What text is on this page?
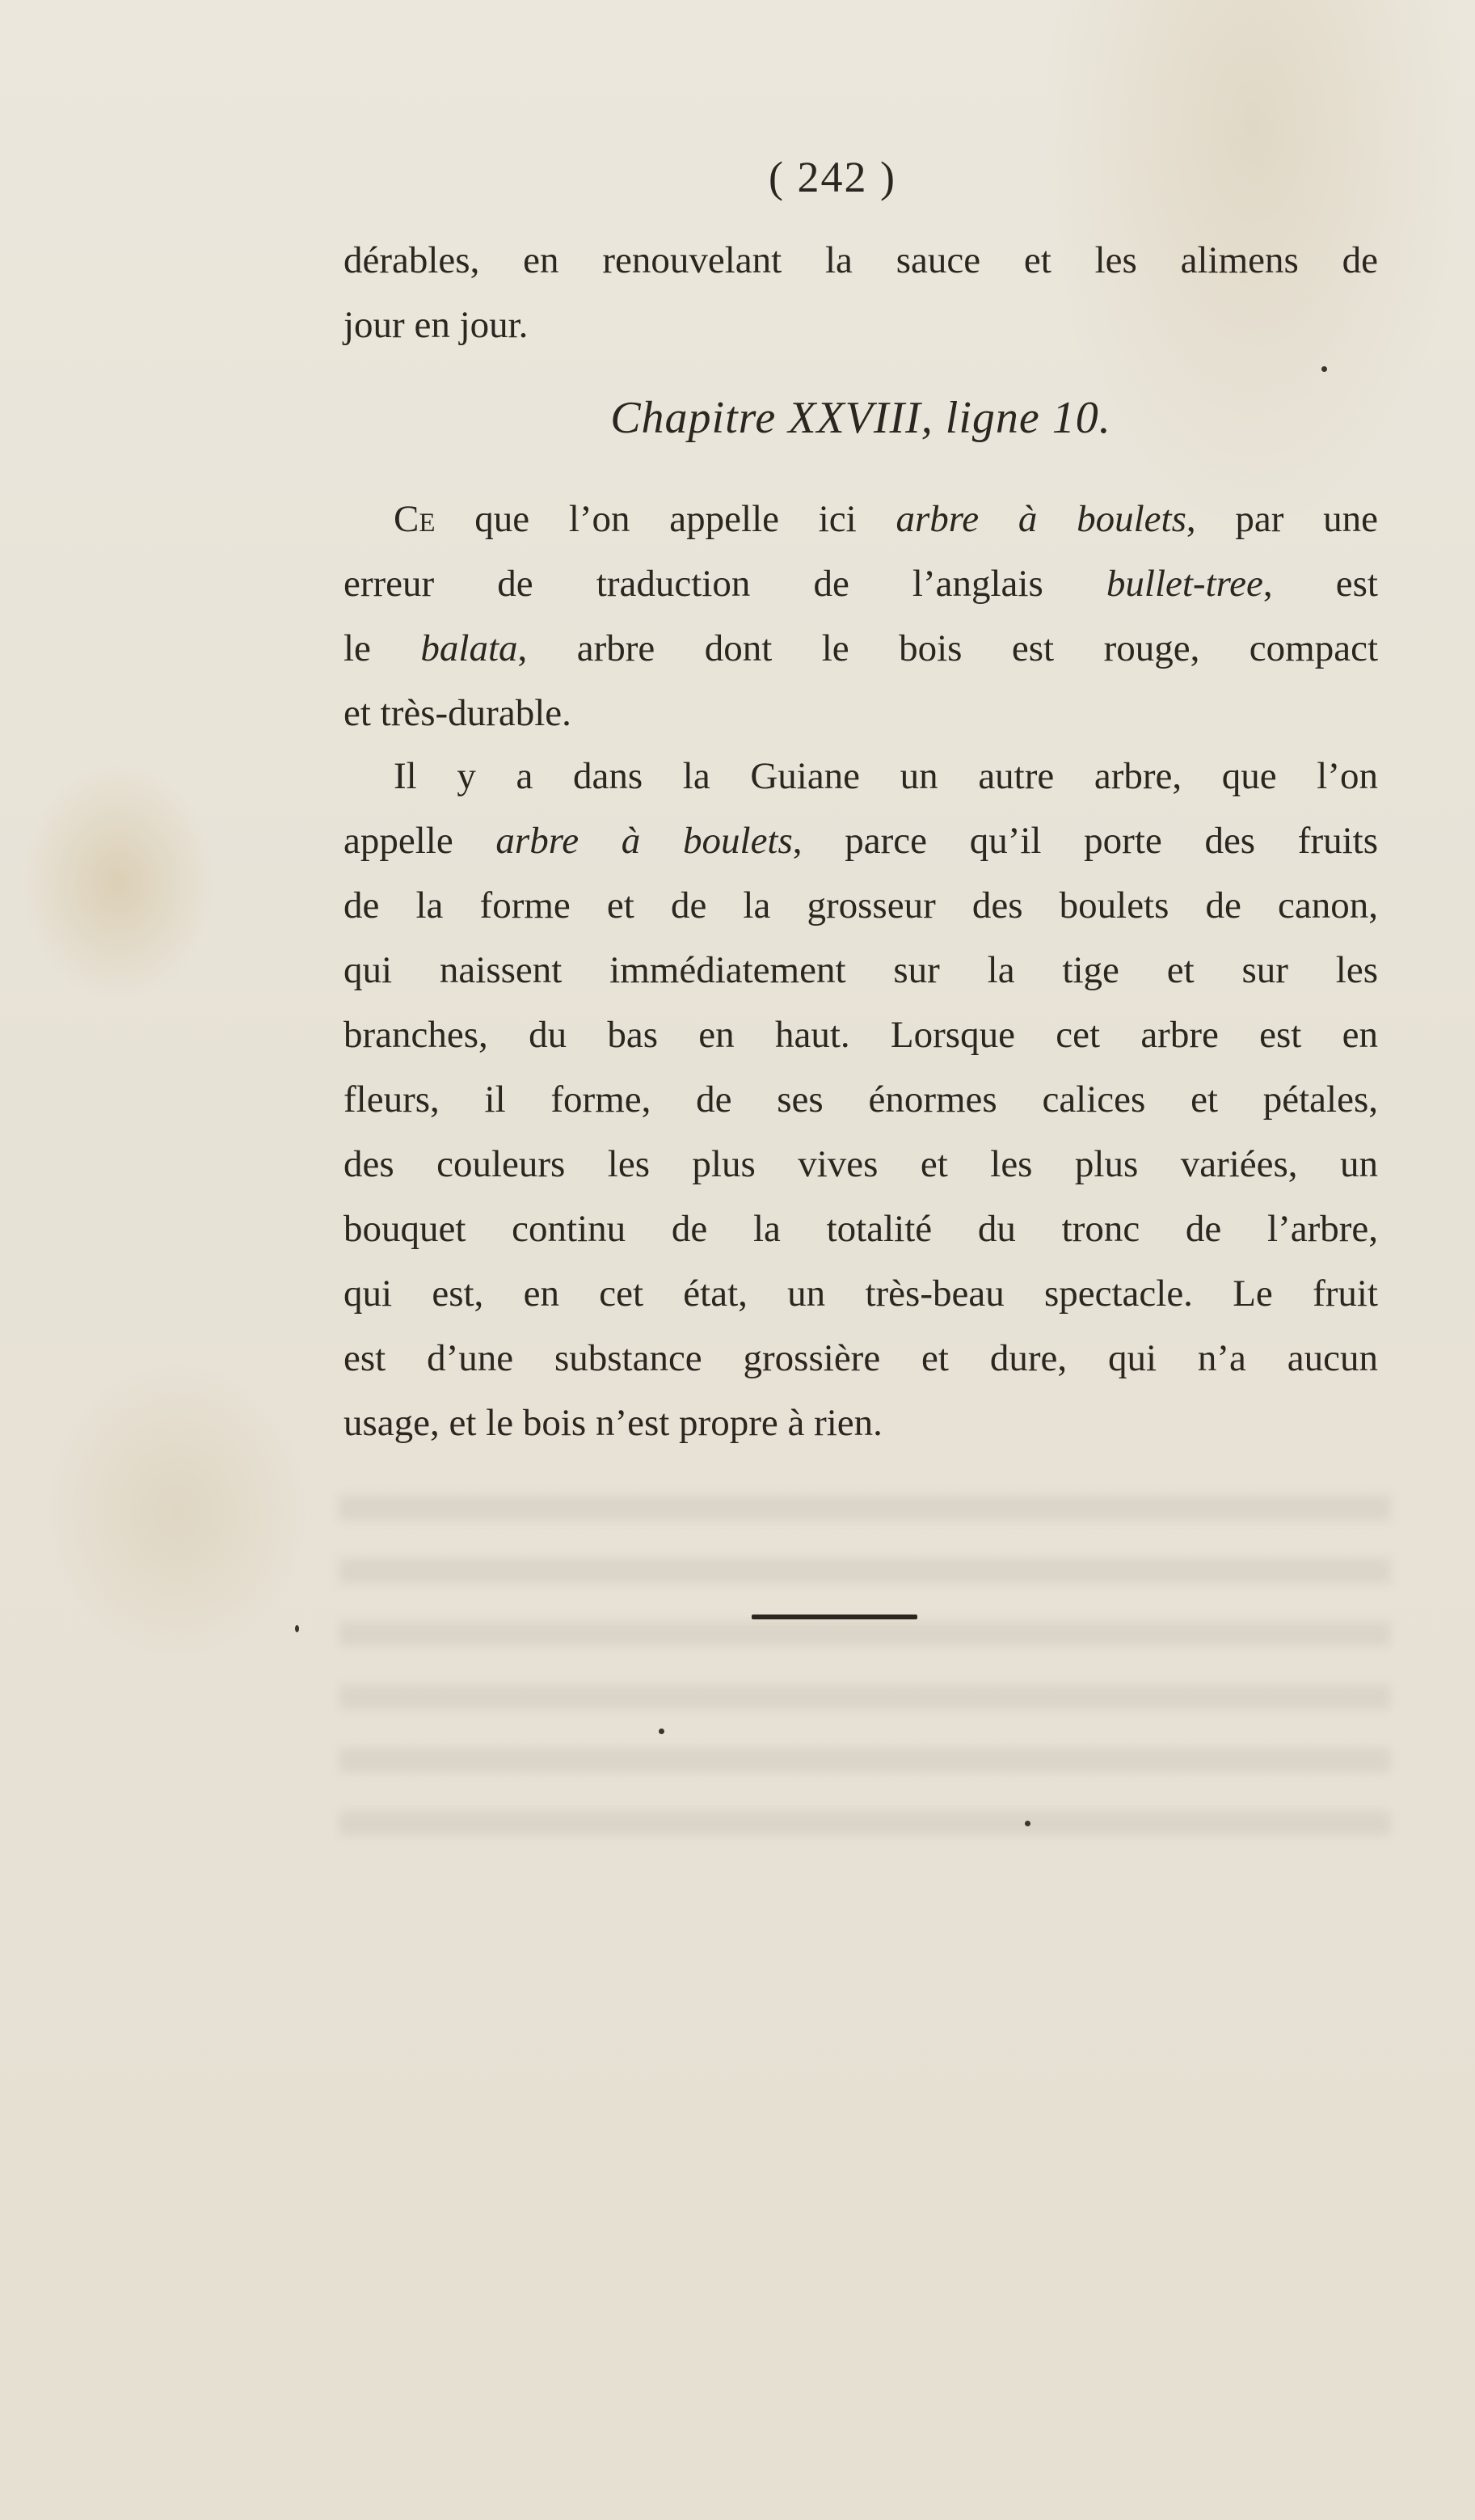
( 242 )
dérables, en renouvelant la sauce et les alimens de
jour en jour.
Chapitre XXVIII, ligne 10.
Ce que l’on appelle ici arbre à boulets, par une
erreur de traduction de l’anglais bullet-tree, est
le balata, arbre dont le bois est rouge, compact
et très-durable.
Il y a dans la Guiane un autre arbre, que l’on
appelle arbre à boulets, parce qu’il porte des fruits
de la forme et de la grosseur des boulets de canon,
qui naissent immédiatement sur la tige et sur les
branches, du bas en haut. Lorsque cet arbre est en
fleurs, il forme, de ses énormes calices et pétales,
des couleurs les plus vives et les plus variées, un
bouquet continu de la totalité du tronc de l’arbre,
qui est, en cet état, un très-beau spectacle. Le fruit
est d’une substance grossière et dure, qui n’a aucun
usage, et le bois n’est propre à rien.
